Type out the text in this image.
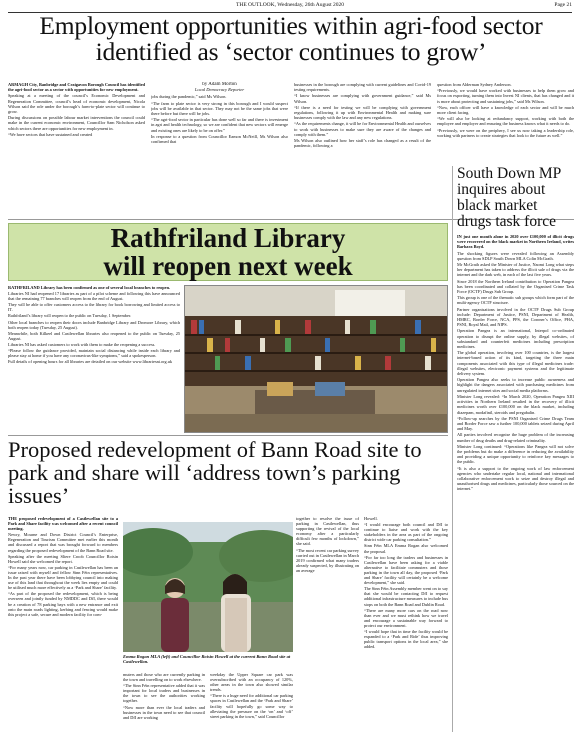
THE OUTLOOK, Wednesday, 26th August 2020	Page 21
Employment opportunities within agri-food sector identified as ‘sector continues to grow’

ARMAGH City, Banbridge and Craigavon Borough Council has identified the agri-food sector as a sector with opportunities for new employment.

Speaking at a meeting of the council’s Economic Development and Regeneration Committee, council’s head of economic development, Nicola Wilson said the role under the borough’s farm-to-plate sector will continue to grow.

During discussions on possible labour market interventions the council could make in the current economic environment, Councillor Sam Nicholson asked which sectors there are opportunities for new employment in.

“We have sectors that have sustained and created

by Adam Morton
Local Democracy Reporter

jobs during the pandemic,” said Ms Wilson.

“The farm to plate sector is very strong in this borough and I would suspect jobs will be available in that sector. They may not be the same jobs that were there before but there will be jobs.

“The agri-food sector in particular has done well so far and there is investment in agri and health technology, so we are confident that new sectors will emerge and existing ones are likely to be on offer.”

In response to a question from Councillor Eamon McNeill, Ms Wilson also confirmed that

businesses in the borough are complying with current guidelines and Covid-19 testing requirements.

“I know businesses are complying with government guidance,” said Ms Wilson.

“If there is a need for testing we will be complying with government regulations, following it up with Environmental Health and making sure businesses comply with the law and any new regulations.

“As the requirements change, it will be for Environmental Health and ourselves to work with businesses to make sure they are aware of the changes and comply with them.”

Ms Wilson also outlined how her staff’s role has changed as a result of the pandemic, following a

question from Alderman Sydney Anderson.

“Previously, we would have worked with businesses to help them grow and focus on exporting, turning them into Invest NI clients, that has changed and it is more about protecting and sustaining jobs,” said Ms Wilson.

“Now, each officer will have a knowledge of each sector and will be much more client facing.

“We will also be looking at redundancy support, working with both the employee and employer and ensuring the business knows what it needs to do.

“Previously, we were on the periphery, I see us now taking a leadership role, working with partners to create strategies that look to the future as well.”

Rathfriland Library
will reopen next week

RATHFRILAND Library has been confirmed as one of several local branches to reopen.

Libraries NI had reopened 17 libraries as part of a pilot scheme and following this have announced that the remaining 77 branches will reopen from the end of August.

They will be able to offer customers access to the library for book borrowing and limited access to IT.

Rathfriland’s library will reopen to the public on Tuesday, 1 September.

Other local branches to reopen their doors include Banbridge Library and Dromore Library, which both reopen today (Tuesday, 25 August).

Meanwhile, both Kilkeel and Castlewellan libraries also reopened to the public on Tuesday, 25 August.

Libraries NI has asked customers to work with them to make the reopening a success.

“Please follow the guidance provided, maintain social distancing while inside each library and please stay at home if you have any coronavirus-like symptoms,” said a spokesperson.

Full details of opening hours for all libraries are detailed on our website www.librariesni.org.uk

South Down MP inquires about black market drugs task force

IN just one month alone in 2020 over £100,000 of illicit drugs were recovered on the black market in Northern Ireland, writes Barbara Boyd.

The shocking figures were revealed following an Assembly question from SDLP South Down MLA Colin McGrath.

Mr McGrath asked the Minister of Justice, Naomi Long what steps her department has taken to address the illicit sale of drugs via the internet and the dark web, in each of the last five years.

Since 2018 the Northern Ireland contribution to Operation Pangea has been coordinated and collated by the Organised Crime Task Force (OCTF) Drugs Sub Group.

This group is one of the thematic sub groups which form part of the multi-agency OCTF structure.

Partner organisations involved in the OCTF Drugs Sub Group include: Department of Justice, PSNI, Department of Health, HMRC, Border Force, NCA, PPS, the Coroner’s Office, PHA, PSNI, Royal Mail, and NIPS.

Operation Pangea is an international, Interpol co-ordinated operation to disrupt the online supply, by illegal websites, of substandard and counterfeit medicines including prescription medicines.

The global operation, involving over 100 countries, is the largest internet-based action of its kind, targeting the three main components associated with this type of illegal medicines trade: illegal websites, electronic payment systems and the legitimate delivery system.

Operation Pangea also seeks to increase public awareness and highlight the dangers associated with purchasing medicines from unregulated internet sites and social media platforms.

Minister Long revealed: “In March 2020, Operation Pangea XIII activities in Northern Ireland resulted in the recovery of illicit medicines worth over £100,000 on the black market, including diazepam, modafinil, steroids and pregabalin.

“Follow-up searches by the PSNI Organised Crime Drugs Team and Border Force saw a further 100,000 tablets seized during April and May.

All parties involved recognise the huge problem of the increasing number of drug deaths and drug-related criminality.

Minister Long continued: “Operations like Pangea will not solve the problems but do make a difference in reducing the availability and providing a unique opportunity to reinforce key messages to the public.

“It is also a support to the ongoing work of law enforcement agencies who undertake regular local, national and international collaborative enforcement work to seize and destroy illegal and unauthorised drugs and medicines, particularly those sourced on the internet.”

Proposed redevelopment of Bann Road site to park and share will ‘address town’s parking issues’

THE proposed redevelopment of a Castlewellan site to a Park and Share facility was welcomed after a recent council meeting.

Newry, Mourne and Down District Council’s Enterprise, Regeneration and Tourism Committee met earlier this month and discussed a report that was brought forward to members regarding the proposed redevelopment of the Bann Road site.

Speaking after the meeting Sliere Croob Councillor Roisin Howell said she welcomed the report.

“For many years now, car parking in Castlewellan has been an issue raised with myself and fellow Sinn Féin representatives. In the past year there have been lobbying council into making use of this land that throughout the week lies empty and could be utilised much more effectively as a ‘Park and Share’ facility.

“As part of the proposed the redevelopment, which is being overseen and jointly funded by NMDDC and DfI, there would be a creation of 78 parking bays with a new entrance and exit onto the main roads lighting, kerbing and fencing would make this project a safe, secure and modern facility for com-

Emma Rogan MLA (left) and Councillor Roisin Howell at the current Bann Road site at Castlewellan.

muters and those who are currently parking in the town and travelling on to work elsewhere.

“The Sinn Féin representative added that it was important for local traders and businesses in the town to see the authorities working together.

“Now more than ever the local traders and businesses in the town need to see that council and DfI are working

weekday the Upper Square car park was oversubscribed with an occupancy of 120%, other areas in the town also showed similar trends.

“There is a huge need for additional car parking spaces in Castlewellan and the ‘Park and Share’ facility will hopefully go some way to alleviating the pressure on the ‘on’ and ‘off’ street parking in the town,” said Councillor

together to resolve the issue of parking in Castlewellan, thus supporting the revival of the local economy after a particularly difficult few months of lockdown,” she said.

“The most recent car parking survey carried out in Castlewellan in March 2019 confirmed what many traders already suspected, by illustrating on an average

Howell.

“I would encourage both council and DfI to continue to liaise and work with the key stakeholders in the area as part of the ongoing district wide car parking consultation.”

Sinn Féin MLA Emma Rogan also welcomed the proposal.

“For far too long the traders and businesses in Castlewellan have been asking for a viable alternative to facilitate commuters and those parking in the town all day, the proposed ‘Park and Share’ facility will certainly be a welcome development,” she said.

The Sinn Féin Assembly member went on to say that she would be contacting DfI to request additional infrastructure measures to include bus stops on both the Bann Road and Dublin Road.

“There are many more cars on the road now than ever and we must rethink how we travel and encourage a sustainable way forward to protect our environment.

“I would hope that in time the facility would be expanded to a ‘Park and Ride’ thus improving public transport options in the local area,” she added.
